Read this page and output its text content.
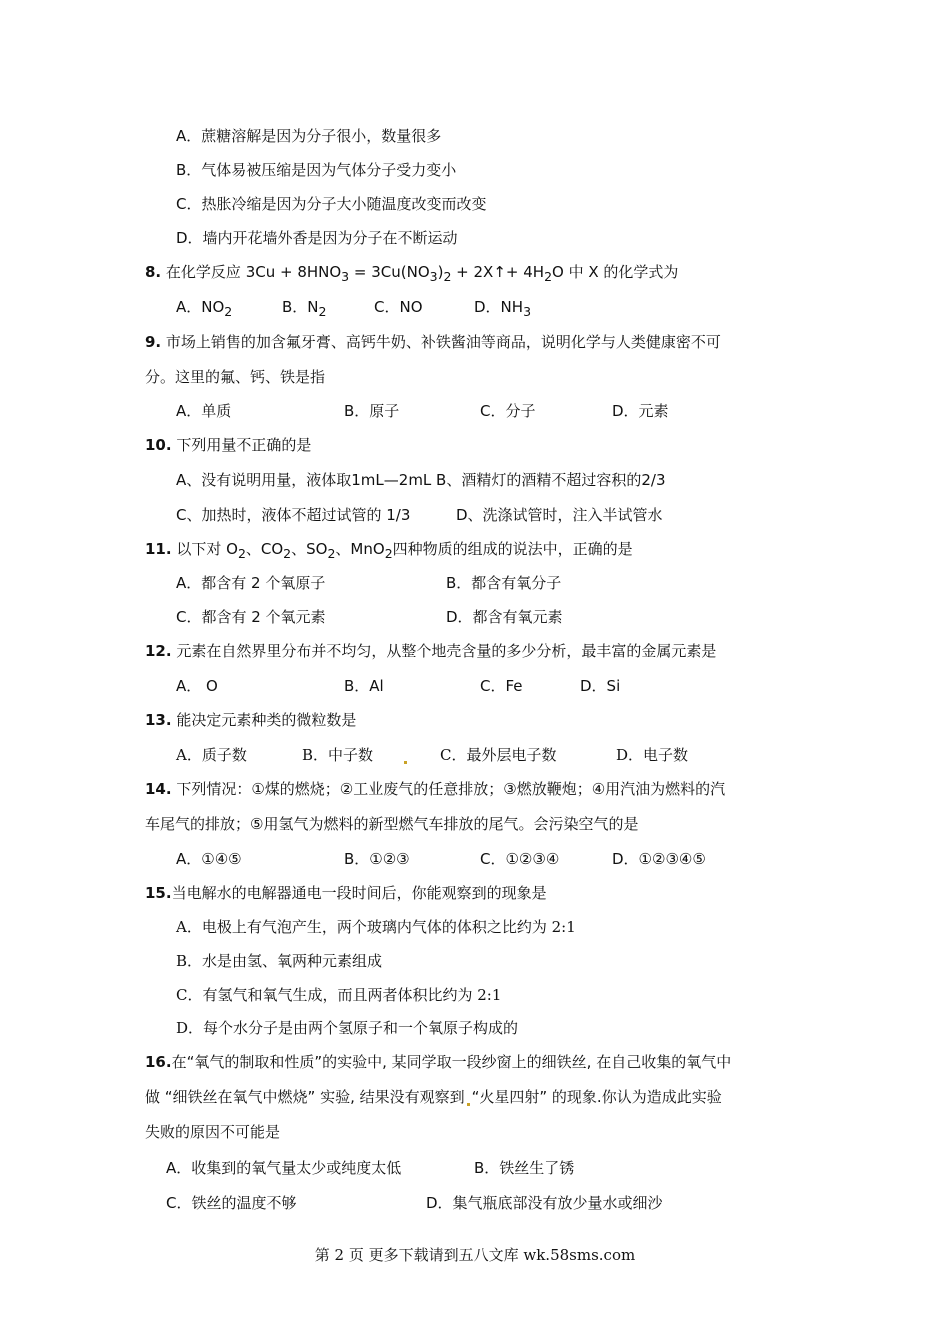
A．蔗糖溶解是因为分子很小，数量很多
B．气体易被压缩是因为气体分子受力变小
C．热胀冷缩是因为分子大小随温度改变而改变
D．墙内开花墙外香是因为分子在不断运动
8. 在化学反应 $3Cu + 8HNO_3 = 3Cu(NO_3)_2$ + 2X↑+ $4H_2O$ 中 X 的化学式为
A．$NO_2$	B．$N_2$	C．NO	D．$NH_3$
9. 市场上销售的加含氟牙膏、高钙牛奶、补铁酱油等商品，说明化学与人类健康密不可
分。这里的氟、钙、铁是指
A．单质	B．原子	C．分子	D．元素
10. 下列用量不正确的是
A、没有说明用量，液体取1mL—2mL B、酒精灯的酒精不超过容积的2/3
C、加热时，液体不超过试管的 1/3	D、洗涤试管时，注入半试管水
11. 以下对 $O_2$、$CO_2$、$SO_2$、MnO$_2$四种物质的组成的说法中，正确的是
A．都含有 2 个氧原子	B．都含有氧分子
C．都含有 2 个氧元素	D．都含有氧元素
12. 元素在自然界里分布并不均匀，从整个地壳含量的多少分析，最丰富的金属元素是
A． O	B．Al	C．Fe	D．Si
13. 能决定元素种类的微粒数是
A．质子数	B．中子数	C．最外层电子数	D．电子数
14. 下列情况：①煤的燃烧；②工业废气的任意排放；③燃放鞭炮；④用汽油为燃料的汽
车尾气的排放；⑤用氢气为燃料的新型燃气车排放的尾气。会污染空气的是
A．①④⑤	B．①②③	C．①②③④	D．①②③④⑤
15.当电解水的电解器通电一段时间后，你能观察到的现象是
A．电极上有气泡产生，两个玻璃内气体的体积之比约为 2:1
B．水是由氢、氧两种元素组成
C．有氢气和氧气生成，而且两者体积比约为 2:1
D．每个水分子是由两个氢原子和一个氧原子构成的
16.在“氧气的制取和性质”的实验中, 某同学取一段纱窗上的细铁丝, 在自己收集的氧气中
做 “细铁丝在氧气中燃烧” 实验, 结果没有观察到 “火星四射” 的现象.你认为造成此实验
失败的原因不可能是
A．收集到的氧气量太少或纯度太低	B．铁丝生了锈
C．铁丝的温度不够	D．集气瓶底部没有放少量水或细沙
第 2 页 更多下载请到五八文库 wk.58sms.com
